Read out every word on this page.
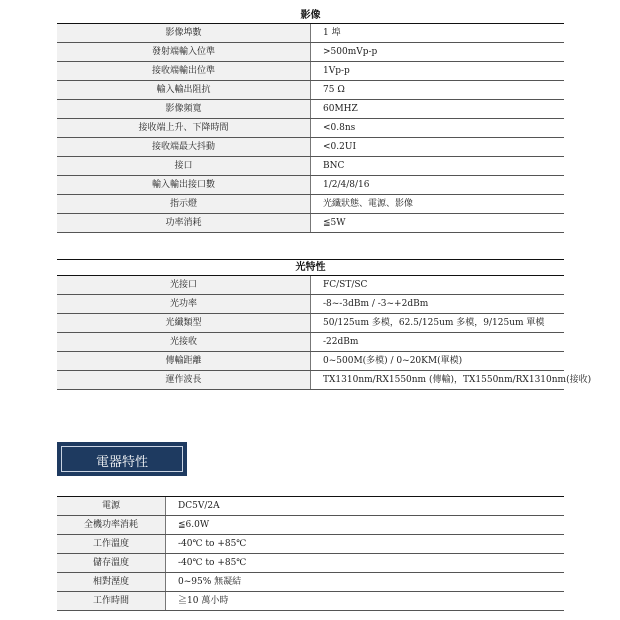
影像	
影像埠數	1 埠
發射端輸入位準	>500mVp-p
接收端輸出位準	1Vp-p
輸入輸出阻抗	75 Ω
影像頻寬	60MHZ
接收端上升、下降時間	<0.8ns
接收端最大抖動	<0.2UI
接口	BNC
輸入輸出接口數	1/2/4/8/16
指示燈	光纖狀態、電源、影像
功率消耗	≦5W
光特性	
光接口	FC/ST/SC
光功率	-8~-3dBm / -3~+2dBm
光纖類型	50/125um 多模，62.5/125um 多模，9/125um 單模
光接收	-22dBm
傳輸距離	0~500M(多模) / 0~20KM(單模)
運作波長	TX1310nm/RX1550nm (傳輸)，TX1550nm/RX1310nm(接收)
電器特性
電源	DC5V/2A
全機功率消耗	≦6.0W
工作溫度	-40℃ to +85℃
儲存溫度	-40℃ to +85℃
相對溼度	0~95% 無凝結
工作時間	≧10 萬小時
